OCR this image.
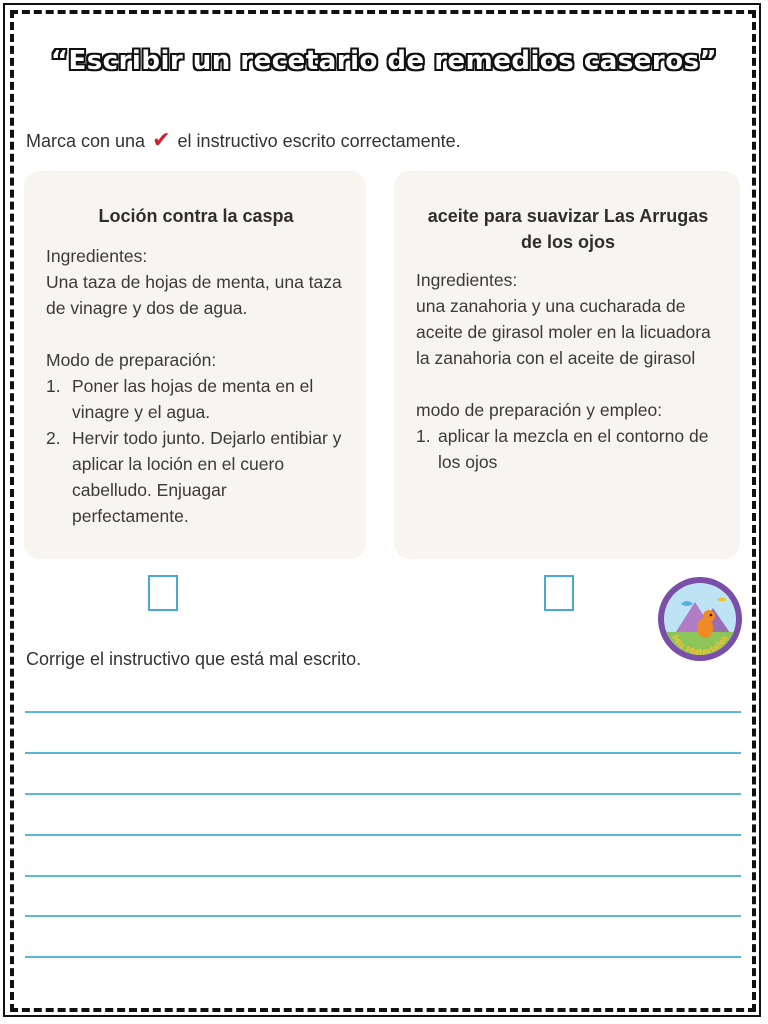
“Escribir un recetario de remedios caseros”
Marca con una ✔ el instructivo escrito correctamente.
Loción contra la caspa

Ingredientes:

Una taza de hojas de menta, una taza de vinagre y dos de agua.

Modo de preparación:

1. Poner las hojas de menta en el vinagre y el agua.
2. Hervir todo junto. Dejarlo entibiar y aplicar la loción en el cuero cabelludo. Enjuagar perfectamente.
aceite para suavizar Las Arrugas de los ojos

Ingredientes:

una zanahoria y una cucharada de aceite de girasol moler en la licuadora la zanahoria con el aceite de girasol

modo de preparación y empleo:

1. aplicar la mezcla en el contorno de los ojos
Mis Materiales
Corrige el instructivo que está mal escrito.
